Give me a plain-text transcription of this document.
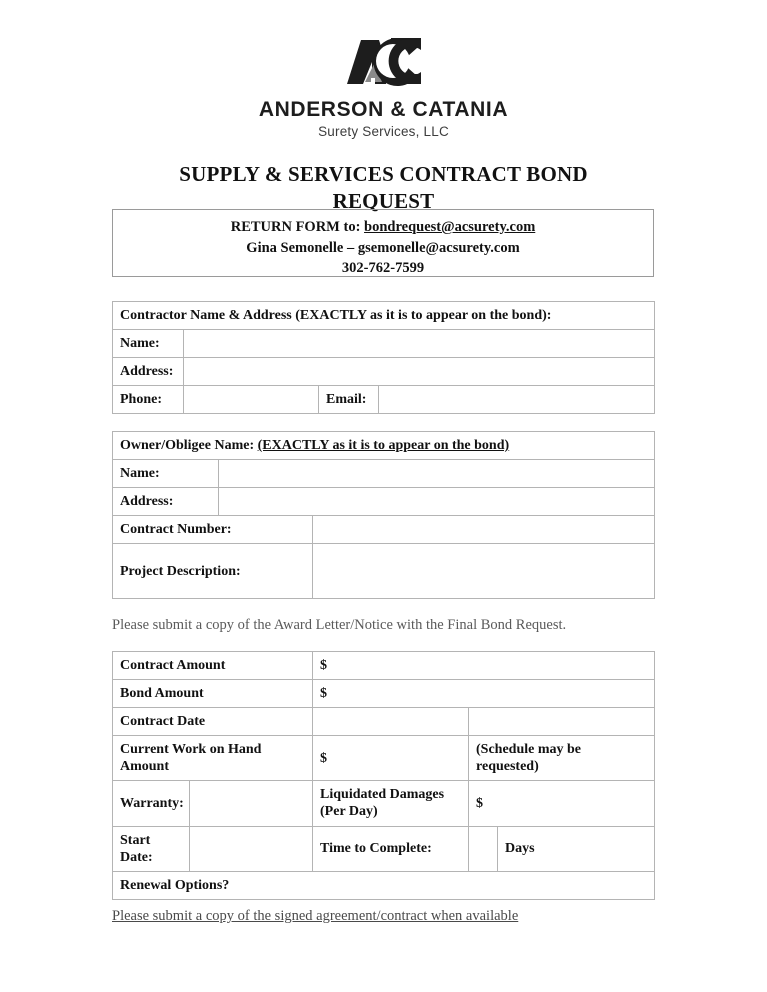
ANDERSON & CATANIA
Surety Services, LLC
SUPPLY & SERVICES CONTRACT BOND
REQUEST
RETURN FORM to: bondrequest@acsurety.com
Gina Semonelle – gsemonelle@acsurety.com
302-762-7599
Contractor Name & Address (EXACTLY as it is to appear on the bond):			
Name:			
Address:			
Phone:		Email:	
Owner/Obligee Name: (EXACTLY as it is to appear on the bond)		
Name:		
Address:		
Contract Number:		
Project Description:		
Please submit a copy of the Award Letter/Notice with the Final Bond Request.
Contract Amount		$		
Bond Amount		$		
Contract Date				
Current Work on Hand Amount		$	(Schedule may be requested)	
Warranty:		Liquidated Damages (Per Day)	$	
Start Date:		Time to Complete:		Days
Renewal Options?				
Please submit a copy of the signed agreement/contract when available
